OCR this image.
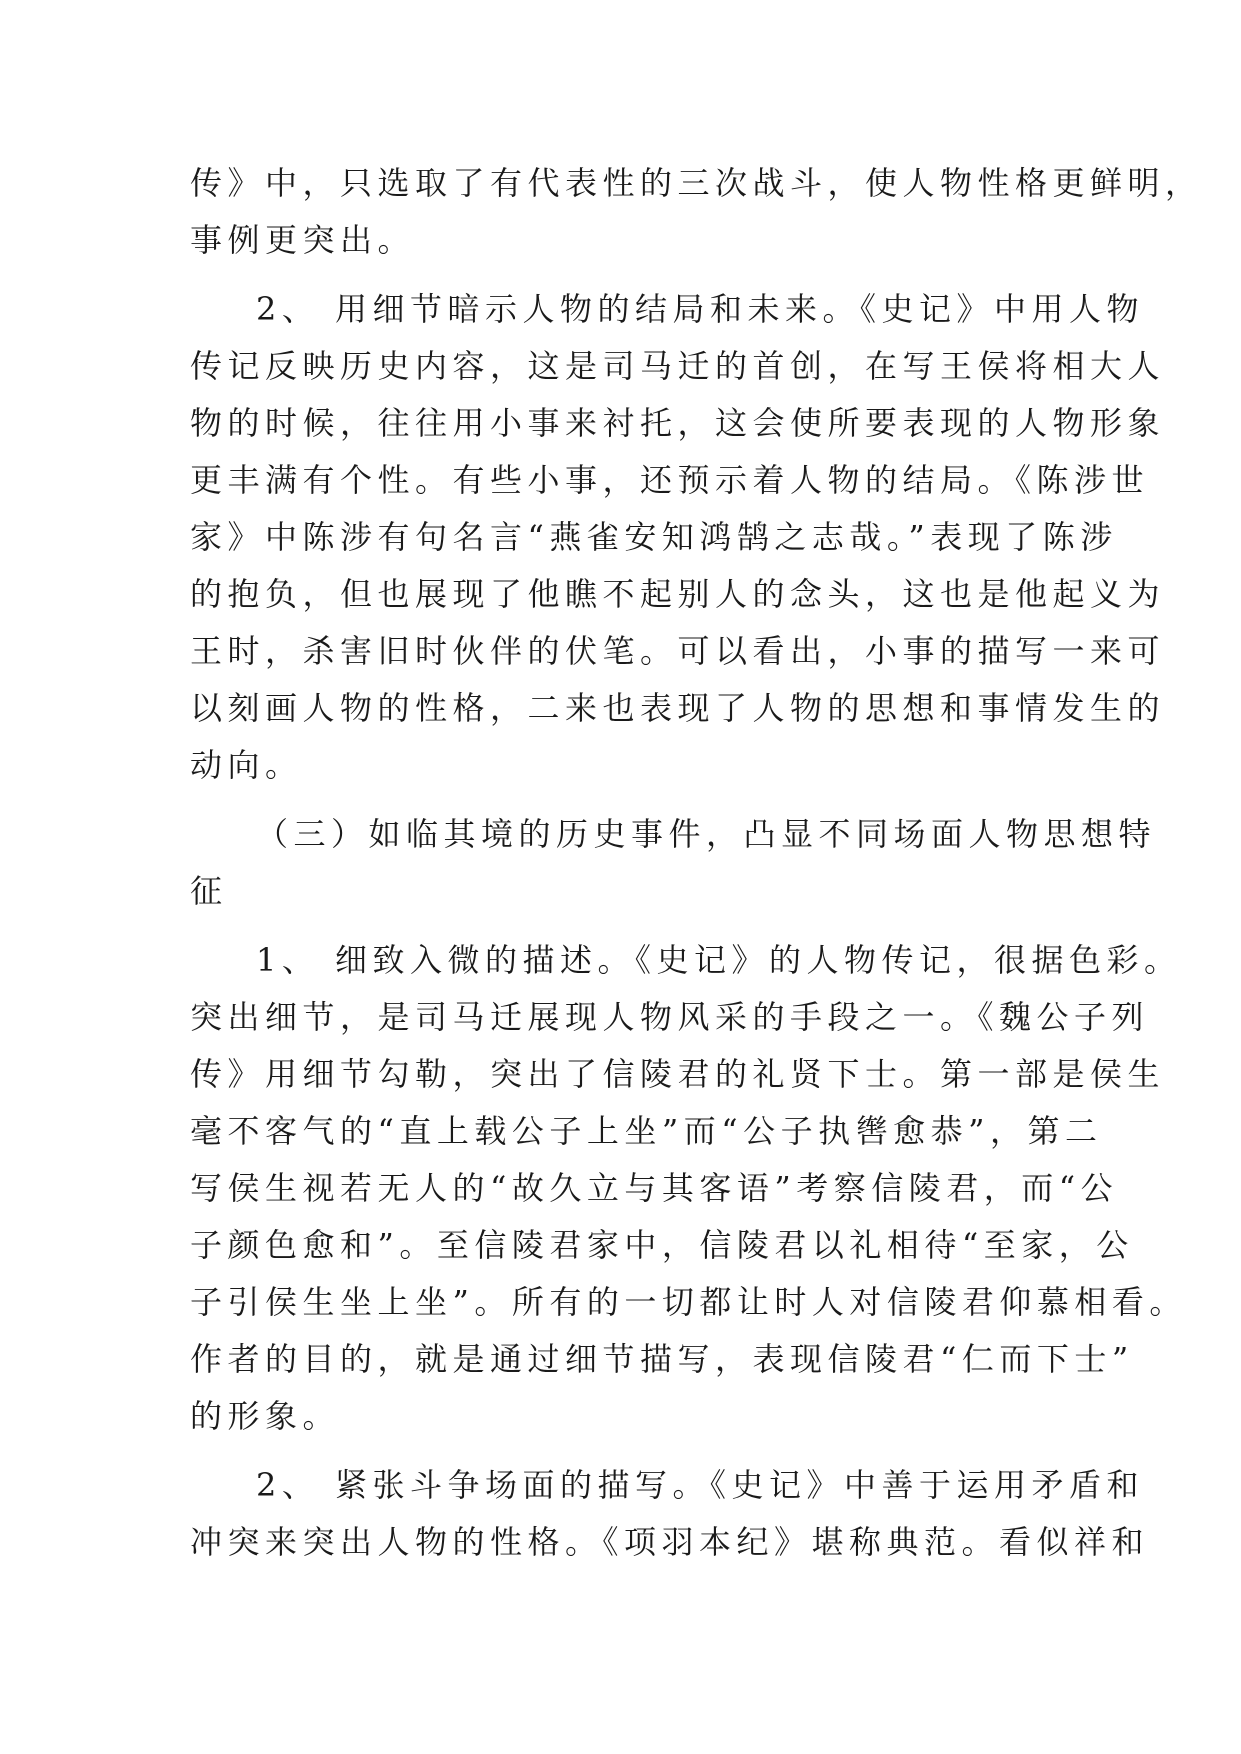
传》中，只选取了有代表性的三次战斗，使人物性格更鲜明，
事例更突出。
2、 用细节暗示人物的结局和未来。《史记》中用人物
传记反映历史内容，这是司马迁的首创，在写王侯将相大人
物的时候，往往用小事来衬托，这会使所要表现的人物形象
更丰满有个性。有些小事，还预示着人物的结局。《陈涉世
家》中陈涉有句名言“燕雀安知鸿鹄之志哉。”表现了陈涉
的抱负，但也展现了他瞧不起别人的念头，这也是他起义为
王时，杀害旧时伙伴的伏笔。可以看出，小事的描写一来可
以刻画人物的性格，二来也表现了人物的思想和事情发生的
动向。
（三）如临其境的历史事件，凸显不同场面人物思想特
征
1、 细致入微的描述。《史记》的人物传记，很据色彩。
突出细节，是司马迁展现人物风采的手段之一。《魏公子列
传》用细节勾勒，突出了信陵君的礼贤下士。第一部是侯生
毫不客气的“直上载公子上坐”而“公子执辔愈恭”，第二
写侯生视若无人的“故久立与其客语”考察信陵君，而“公
子颜色愈和”。至信陵君家中，信陵君以礼相待“至家，公
子引侯生坐上坐”。所有的一切都让时人对信陵君仰慕相看。
作者的目的，就是通过细节描写，表现信陵君“仁而下士”
的形象。
2、 紧张斗争场面的描写。《史记》中善于运用矛盾和
冲突来突出人物的性格。《项羽本纪》堪称典范。看似祥和
